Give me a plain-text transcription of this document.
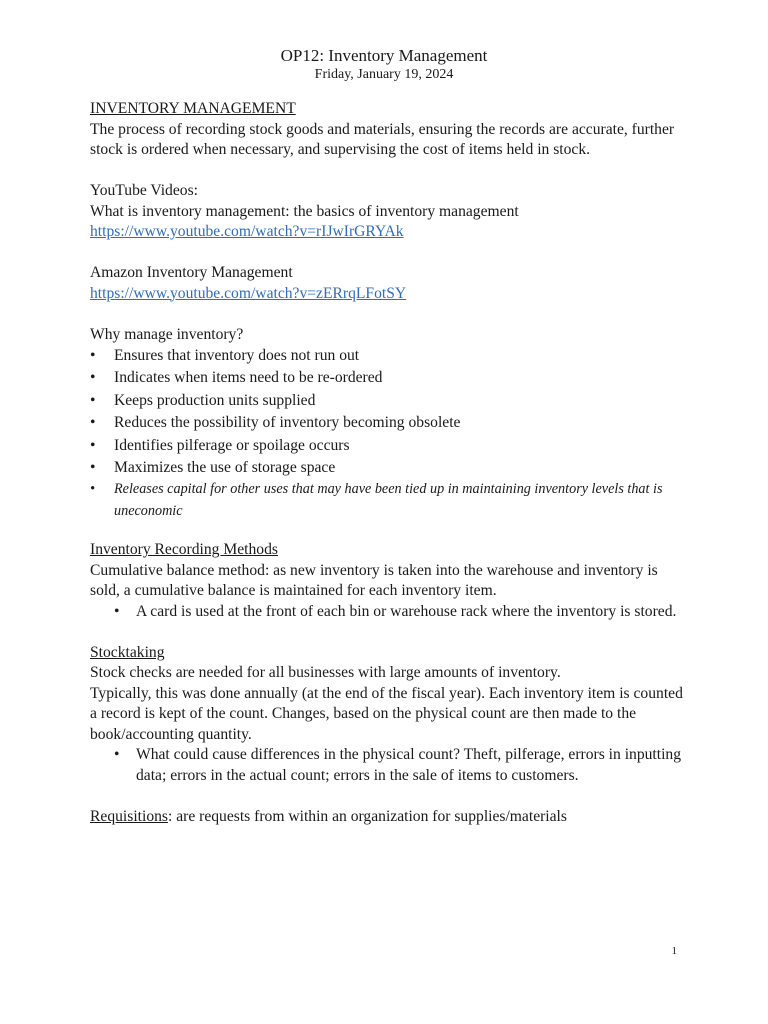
OP12: Inventory Management
Friday, January 19, 2024

INVENTORY MANAGEMENT

The process of recording stock goods and materials, ensuring the records are accurate, further stock is ordered when necessary, and supervising the cost of items held in stock.

YouTube Videos:

What is inventory management: the basics of inventory management

https://www.youtube.com/watch?v=rIJwIrGRYAk

Amazon Inventory Management

https://www.youtube.com/watch?v=zERrqLFotSY

Why manage inventory?

• Ensures that inventory does not run out
• Indicates when items need to be re-ordered
• Keeps production units supplied
• Reduces the possibility of inventory becoming obsolete
• Identifies pilferage or spoilage occurs
• Maximizes the use of storage space
• Releases capital for other uses that may have been tied up in maintaining inventory levels that is uneconomic

Inventory Recording Methods

Cumulative balance method: as new inventory is taken into the warehouse and inventory is sold, a cumulative balance is maintained for each inventory item.

• A card is used at the front of each bin or warehouse rack where the inventory is stored.

Stocktaking

Stock checks are needed for all businesses with large amounts of inventory.

Typically, this was done annually (at the end of the fiscal year). Each inventory item is counted a record is kept of the count. Changes, based on the physical count are then made to the book/accounting quantity.

• What could cause differences in the physical count? Theft, pilferage, errors in inputting data; errors in the actual count; errors in the sale of items to customers.

Requisitions: are requests from within an organization for supplies/materials

1
